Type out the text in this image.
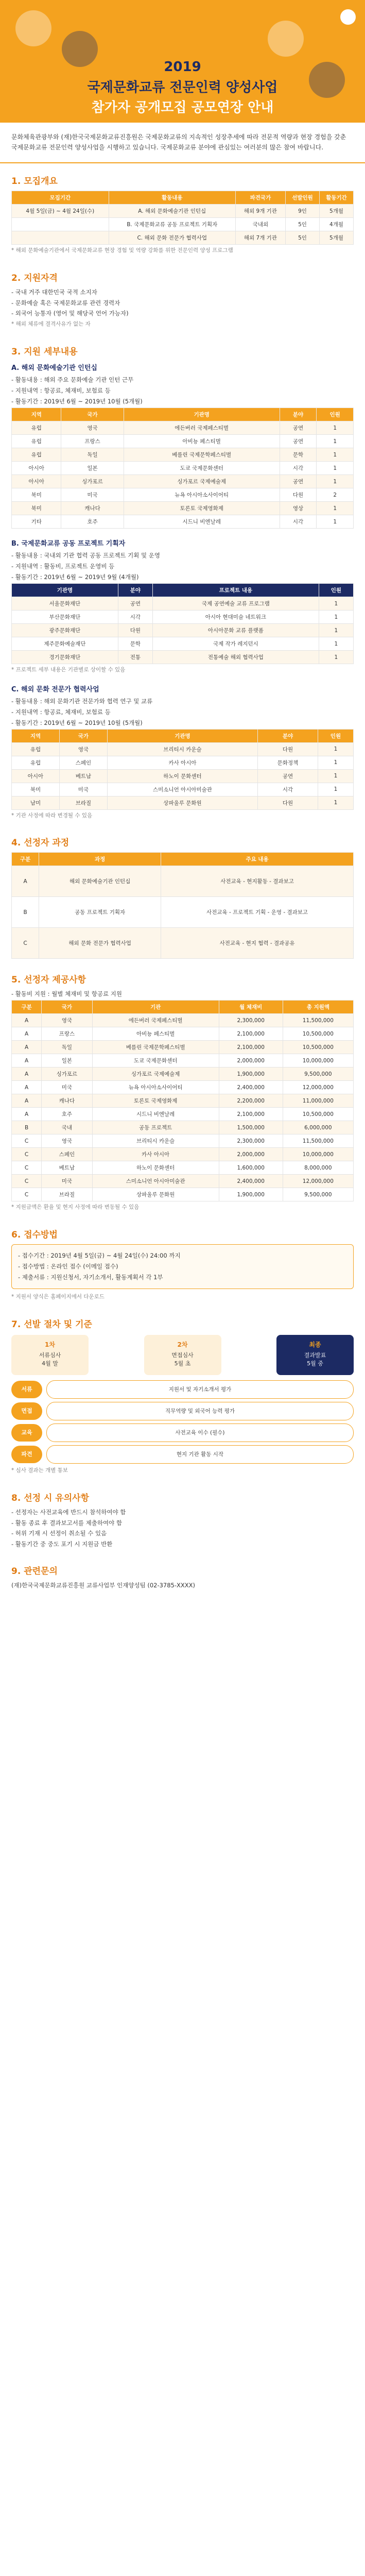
2019
국제문화교류 전문인력 양성사업
참가자 공개모집 공모연장 안내
문화체육관광부와 (재)한국국제문화교류진흥원은 국제문화교류의 지속적인 성장추세에 따라 전문적 역량과 현장 경험을 갖춘 국제문화교류 전문인력 양성사업을 시행하고 있습니다. 국제문화교류 분야에 관심있는 여러분의 많은 참여 바랍니다.
1. 모집개요
모집기간	활동내용	파견국가	선발인원	활동기간
4월 5일(금) ~ 4월 24일(수)	A. 해외 문화예술기관 인턴십	해외 9개 기관	9인	5개월
	B. 국제문화교류 공동 프로젝트 기획자	국내외	5인	4개월
	C. 해외 문화 전문가 협력사업	해외 7개 기관	5인	5개월
* 해외 문화예술기관에서 국제문화교류 현장 경험 및 역량 강화를 위한 전문인력 양성 프로그램
2. 지원자격
- 국내 거주 대한민국 국적 소지자
- 문화예술 혹은 국제문화교류 관련 경력자
- 외국어 능통자 (영어 및 해당국 언어 가능자)
* 해외 체류에 결격사유가 없는 자
3. 지원 세부내용
A. 해외 문화예술기관 인턴십
- 활동내용 : 해외 주요 문화예술 기관 인턴 근무
- 지원내역 : 항공료, 체재비, 보험료 등
- 활동기간 : 2019년 6월 ~ 2019년 10월 (5개월)
지역	국가	기관명	분야	인원
유럽	영국	에든버러 국제페스티벌	공연	1
유럽	프랑스	아비뇽 페스티벌	공연	1
유럽	독일	베를린 국제문학페스티벌	문학	1
아시아	일본	도쿄 국제문화센터	시각	1
아시아	싱가포르	싱가포르 국제예술제	공연	1
북미	미국	뉴욕 아시아소사이어티	다원	2
북미	캐나다	토론토 국제영화제	영상	1
기타	호주	시드니 비엔날레	시각	1
B. 국제문화교류 공동 프로젝트 기획자
- 활동내용 : 국내외 기관 협력 공동 프로젝트 기획 및 운영
- 지원내역 : 활동비, 프로젝트 운영비 등
- 활동기간 : 2019년 6월 ~ 2019년 9월 (4개월)
기관명	분야	프로젝트 내용	인원
서울문화재단	공연	국제 공연예술 교류 프로그램	1
부산문화재단	시각	아시아 현대미술 네트워크	1
광주문화재단	다원	아시아문화 교류 플랫폼	1
제주문화예술재단	문학	국제 작가 레지던시	1
경기문화재단	전통	전통예술 해외 협력사업	1
* 프로젝트 세부 내용은 기관별로 상이할 수 있음
C. 해외 문화 전문가 협력사업
- 활동내용 : 해외 문화기관 전문가와 협력 연구 및 교류
- 지원내역 : 항공료, 체재비, 보험료 등
- 활동기간 : 2019년 6월 ~ 2019년 10월 (5개월)
지역	국가	기관명	분야	인원
유럽	영국	브리티시 카운슬	다원	1
유럽	스페인	카사 아시아	문화정책	1
아시아	베트남	하노이 문화센터	공연	1
북미	미국	스미소니언 아시아미술관	시각	1
남미	브라질	상파울루 문화원	다원	1
* 기관 사정에 따라 변경될 수 있음
4. 선정자 과정
구분	과정	주요 내용
A	해외 문화예술기관 인턴십	사전교육 - 현지활동 - 결과보고
B	공동 프로젝트 기획자	사전교육 - 프로젝트 기획 - 운영 - 결과보고
C	해외 문화 전문가 협력사업	사전교육 - 현지 협력 - 결과공유
5. 선정자 제공사항
- 활동비 지원 : 월별 체재비 및 항공료 지원
구분	국가	기관	월 체재비	총 지원액
A	영국	에든버러 국제페스티벌	2,300,000	11,500,000
A	프랑스	아비뇽 페스티벌	2,100,000	10,500,000
A	독일	베를린 국제문학페스티벌	2,100,000	10,500,000
A	일본	도쿄 국제문화센터	2,000,000	10,000,000
A	싱가포르	싱가포르 국제예술제	1,900,000	9,500,000
A	미국	뉴욕 아시아소사이어티	2,400,000	12,000,000
A	캐나다	토론토 국제영화제	2,200,000	11,000,000
A	호주	시드니 비엔날레	2,100,000	10,500,000
B	국내	공동 프로젝트	1,500,000	6,000,000
C	영국	브리티시 카운슬	2,300,000	11,500,000
C	스페인	카사 아시아	2,000,000	10,000,000
C	베트남	하노이 문화센터	1,600,000	8,000,000
C	미국	스미소니언 아시아미술관	2,400,000	12,000,000
C	브라질	상파울루 문화원	1,900,000	9,500,000
* 지원금액은 환율 및 현지 사정에 따라 변동될 수 있음
6. 접수방법
- 접수기간 : 2019년 4월 5일(금) ~ 4월 24일(수) 24:00 까지
- 접수방법 : 온라인 접수 (이메일 접수)
- 제출서류 : 지원신청서, 자기소개서, 활동계획서 각 1부
* 지원서 양식은 홈페이지에서 다운로드
7. 선발 절차 및 기준
1차
서류심사
4월 말
2차
면접심사
5월 초
최종
결과발표
5월 중
서류	지원서 및 자기소개서 평가
면접	직무역량 및 외국어 능력 평가
교육	사전교육 이수 (필수)
파견	현지 기관 활동 시작
* 심사 결과는 개별 통보
8. 선정 시 유의사항
- 선정자는 사전교육에 반드시 참석하여야 함
- 활동 종료 후 결과보고서를 제출하여야 함
- 허위 기재 시 선정이 취소될 수 있음
- 활동기간 중 중도 포기 시 지원금 반환
9. 관련문의
(재)한국국제문화교류진흥원 교류사업부 인재양성팀 (02-3785-XXXX)
